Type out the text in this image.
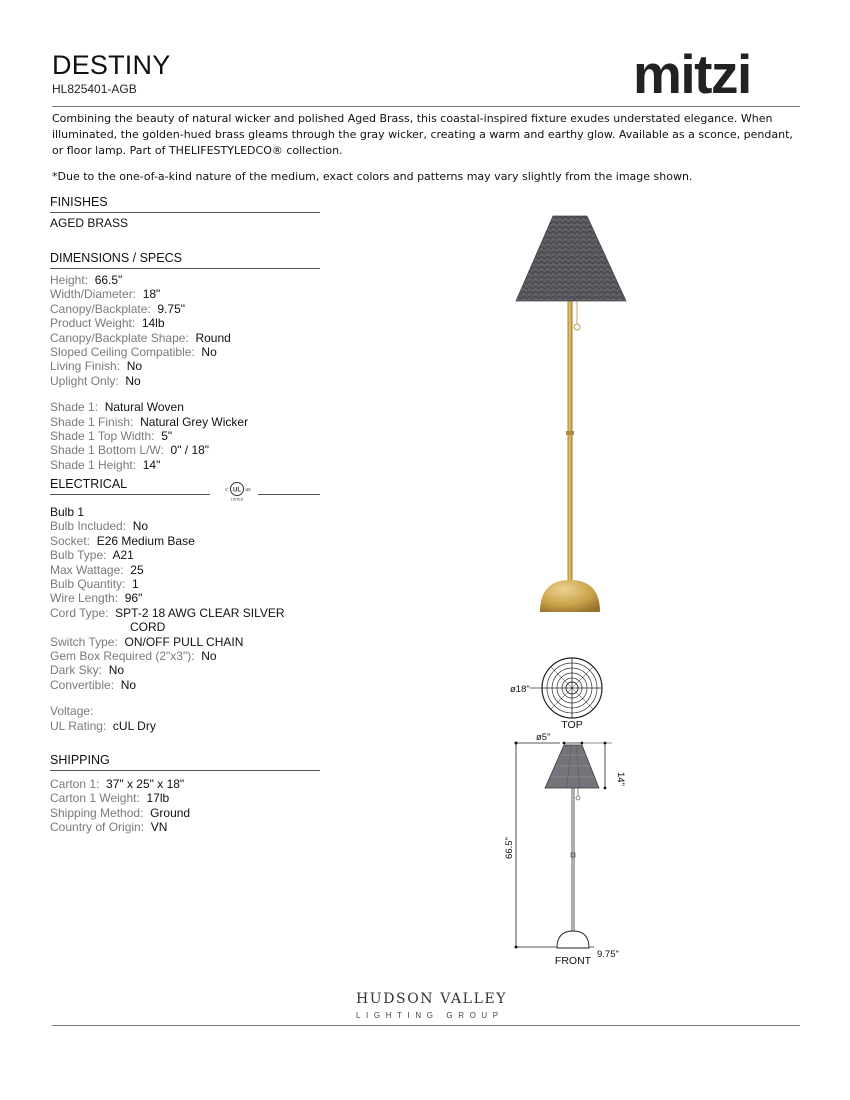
DESTINY
HL825401-AGB	mitzi
Combining the beauty of natural wicker and polished Aged Brass, this coastal-inspired fixture exudes understated elegance. When illuminated, the golden-hued brass gleams through the gray wicker, creating a warm and earthy glow. Available as a sconce, pendant, or floor lamp. Part of THELIFESTYLEDCO® collection.
*Due to the one-of-a-kind nature of the medium, exact colors and patterns may vary slightly from the image shown.
FINISHES
AGED BRASS
DIMENSIONS / SPECS
Height: 66.5"
Width/Diameter: 18"
Canopy/Backplate: 9.75"
Product Weight: 14lb
Canopy/Backplate Shape: Round
Sloped Ceiling Compatible: No
Living Finish: No
Uplight Only: No
Shade 1: Natural Woven
Shade 1 Finish: Natural Grey Wicker
Shade 1 Top Width: 5"
Shade 1 Bottom L/W: 0" / 18"
Shade 1 Height: 14"
ELECTRICAL	UL
c	us
LISTED
Bulb 1
Bulb Included: No
Socket: E26 Medium Base
Bulb Type: A21
Max Wattage: 25
Bulb Quantity: 1
Wire Length: 96"
Cord Type: SPT-2 18 AWG CLEAR SILVER
CORD
Switch Type: ON/OFF PULL CHAIN
Gem Box Required (2"x3"): No
Dark Sky: No
Convertible: No
Voltage:
UL Rating: cUL Dry
SHIPPING
Carton 1: 37" x 25" x 18"
Carton 1 Weight: 17lb
Shipping Method: Ground
Country of Origin: VN
ø18"
TOP
ø5"
14"
66.5"
9.75"
FRONT
HUDSON VALLEY
LIGHTING GROUP
